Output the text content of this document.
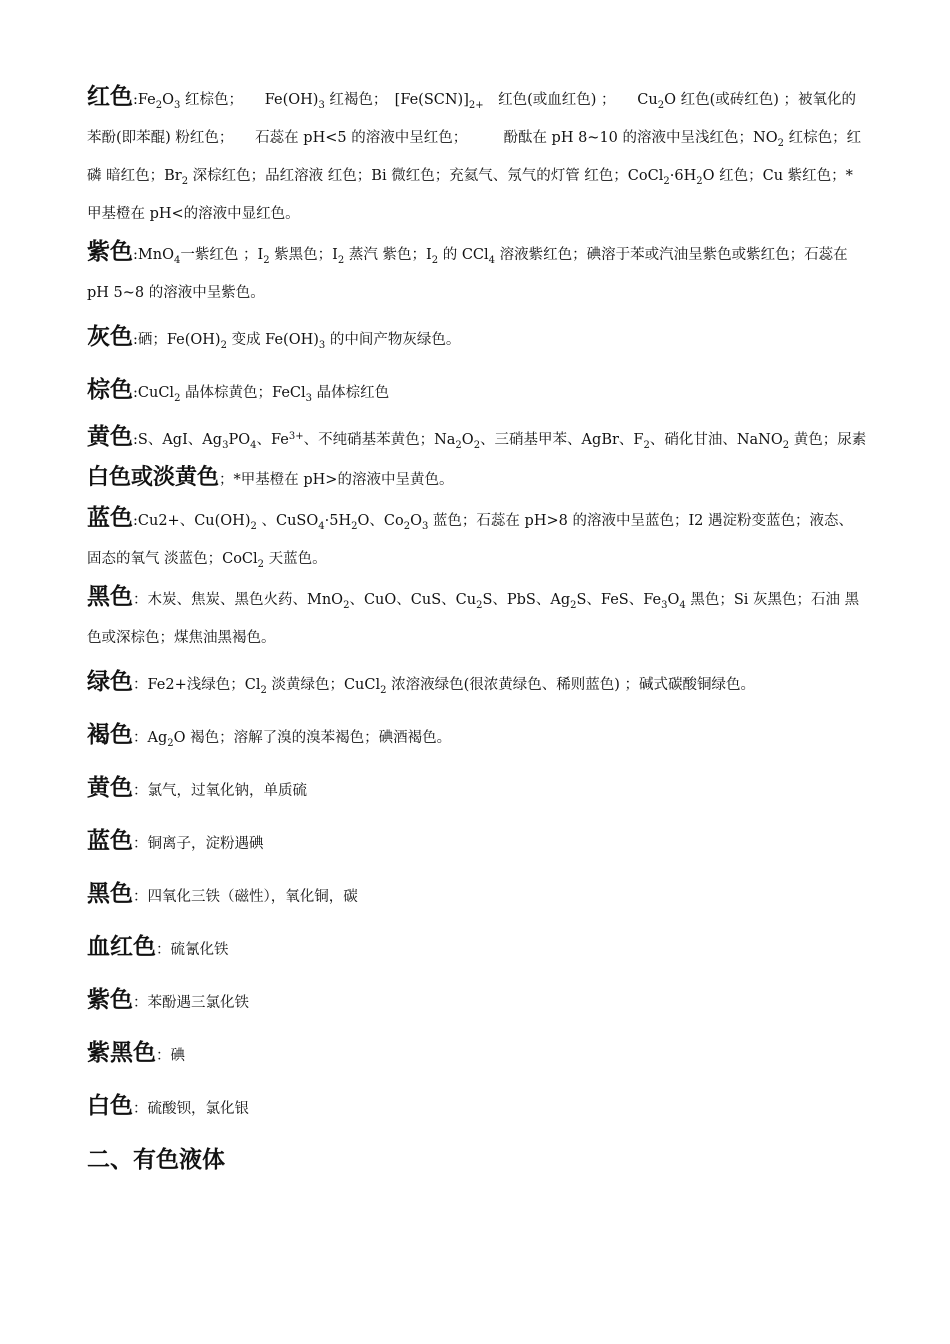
红色$:Fe_2O_3$ 红棕色；　　$Fe(OH)_3$ 红褐色；　$[Fe(SCN)]_{2+}$　红色(或血红色) ；　　$Cu_2O$ 红色(或砖红色) ；被氧化的苯酚(即苯醌) 粉红色；　　石蕊在 pH<5 的溶液中呈红色；　　　酚酞在 pH 8~10 的溶液中呈浅红色；$NO_2$ 红棕色；红磷 暗红色；$Br_2$ 深棕红色；品红溶液 红色；Bi 微红色；充氦气、氖气的灯管 红色；$CoCl_2\cdot 6H_2O$ 红色；Cu 紫红色；*甲基橙在 pH<的溶液中显红色。

紫色:MnO$_4$一紫红色 ；$I_2$ 紫黑色；$I_2$ 蒸汽 紫色；$I_2$ 的 CCl$_4$ 溶液紫红色；碘溶于苯或汽油呈紫色或紫红色；石蕊在 pH 5~8 的溶液中呈紫色。

灰色:硒；$Fe(OH)_2$ 变成 $Fe(OH)_3$ 的中间产物灰绿色。

棕色:CuCl$_2$ 晶体棕黄色；FeCl$_3$ 晶体棕红色

黄色:S、AgI、$Ag_3PO_4$、$Fe^{3+}$、不纯硝基苯黄色；$Na_2O_2$、三硝基甲苯、AgBr、$F_2$、硝化甘油、NaNO$_2$ 黄色；尿素白色或淡黄色；*甲基橙在 pH>的溶液中呈黄色。

蓝色:Cu2+、$Cu(OH)_2$ 、$CuSO_4\cdot 5H_2O$、$Co_2O_3$ 蓝色；石蕊在 pH>8 的溶液中呈蓝色；I2 遇淀粉变蓝色；液态、固态的氧气 淡蓝色；CoCl$_2$ 天蓝色。

黑色：木炭、焦炭、黑色火药、MnO$_2$、CuO、CuS、$Cu_2S$、PbS、$Ag_2S$、FeS、$Fe_3O_4$ 黑色；Si 灰黑色；石油 黑色或深棕色；煤焦油黑褐色。

绿色：Fe2+浅绿色；$Cl_2$ 淡黄绿色；CuCl$_2$ 浓溶液绿色(很浓黄绿色、稀则蓝色) ；碱式碳酸铜绿色。

褐色：$Ag_2O$ 褐色；溶解了溴的溴苯褐色；碘酒褐色。

黄色：氯气，过氧化钠，单质硫

蓝色：铜离子，淀粉遇碘

黑色：四氧化三铁（磁性），氧化铜，碳

血红色：硫氰化铁

紫色：苯酚遇三氯化铁

紫黑色：碘

白色：硫酸钡，氯化银

二、有色液体
